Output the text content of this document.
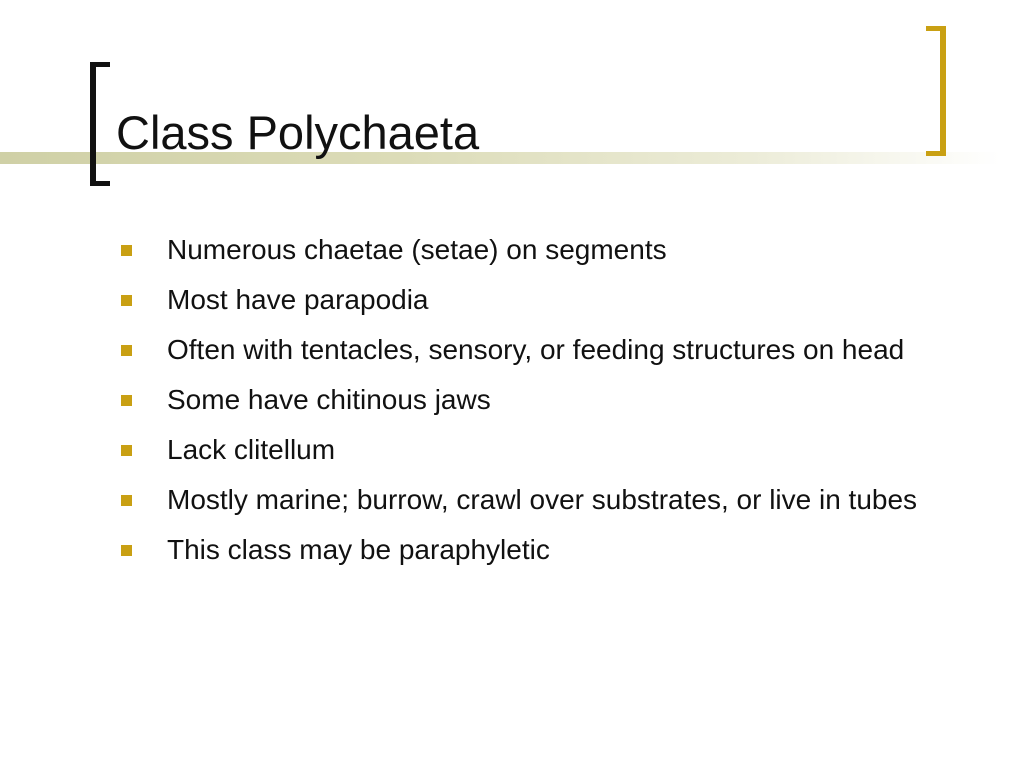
Class Polychaeta
Numerous chaetae (setae) on segments
Most have parapodia
Often with tentacles, sensory, or feeding structures on head
Some have chitinous jaws
Lack clitellum
Mostly marine; burrow, crawl over substrates, or live in tubes
This class may be paraphyletic
